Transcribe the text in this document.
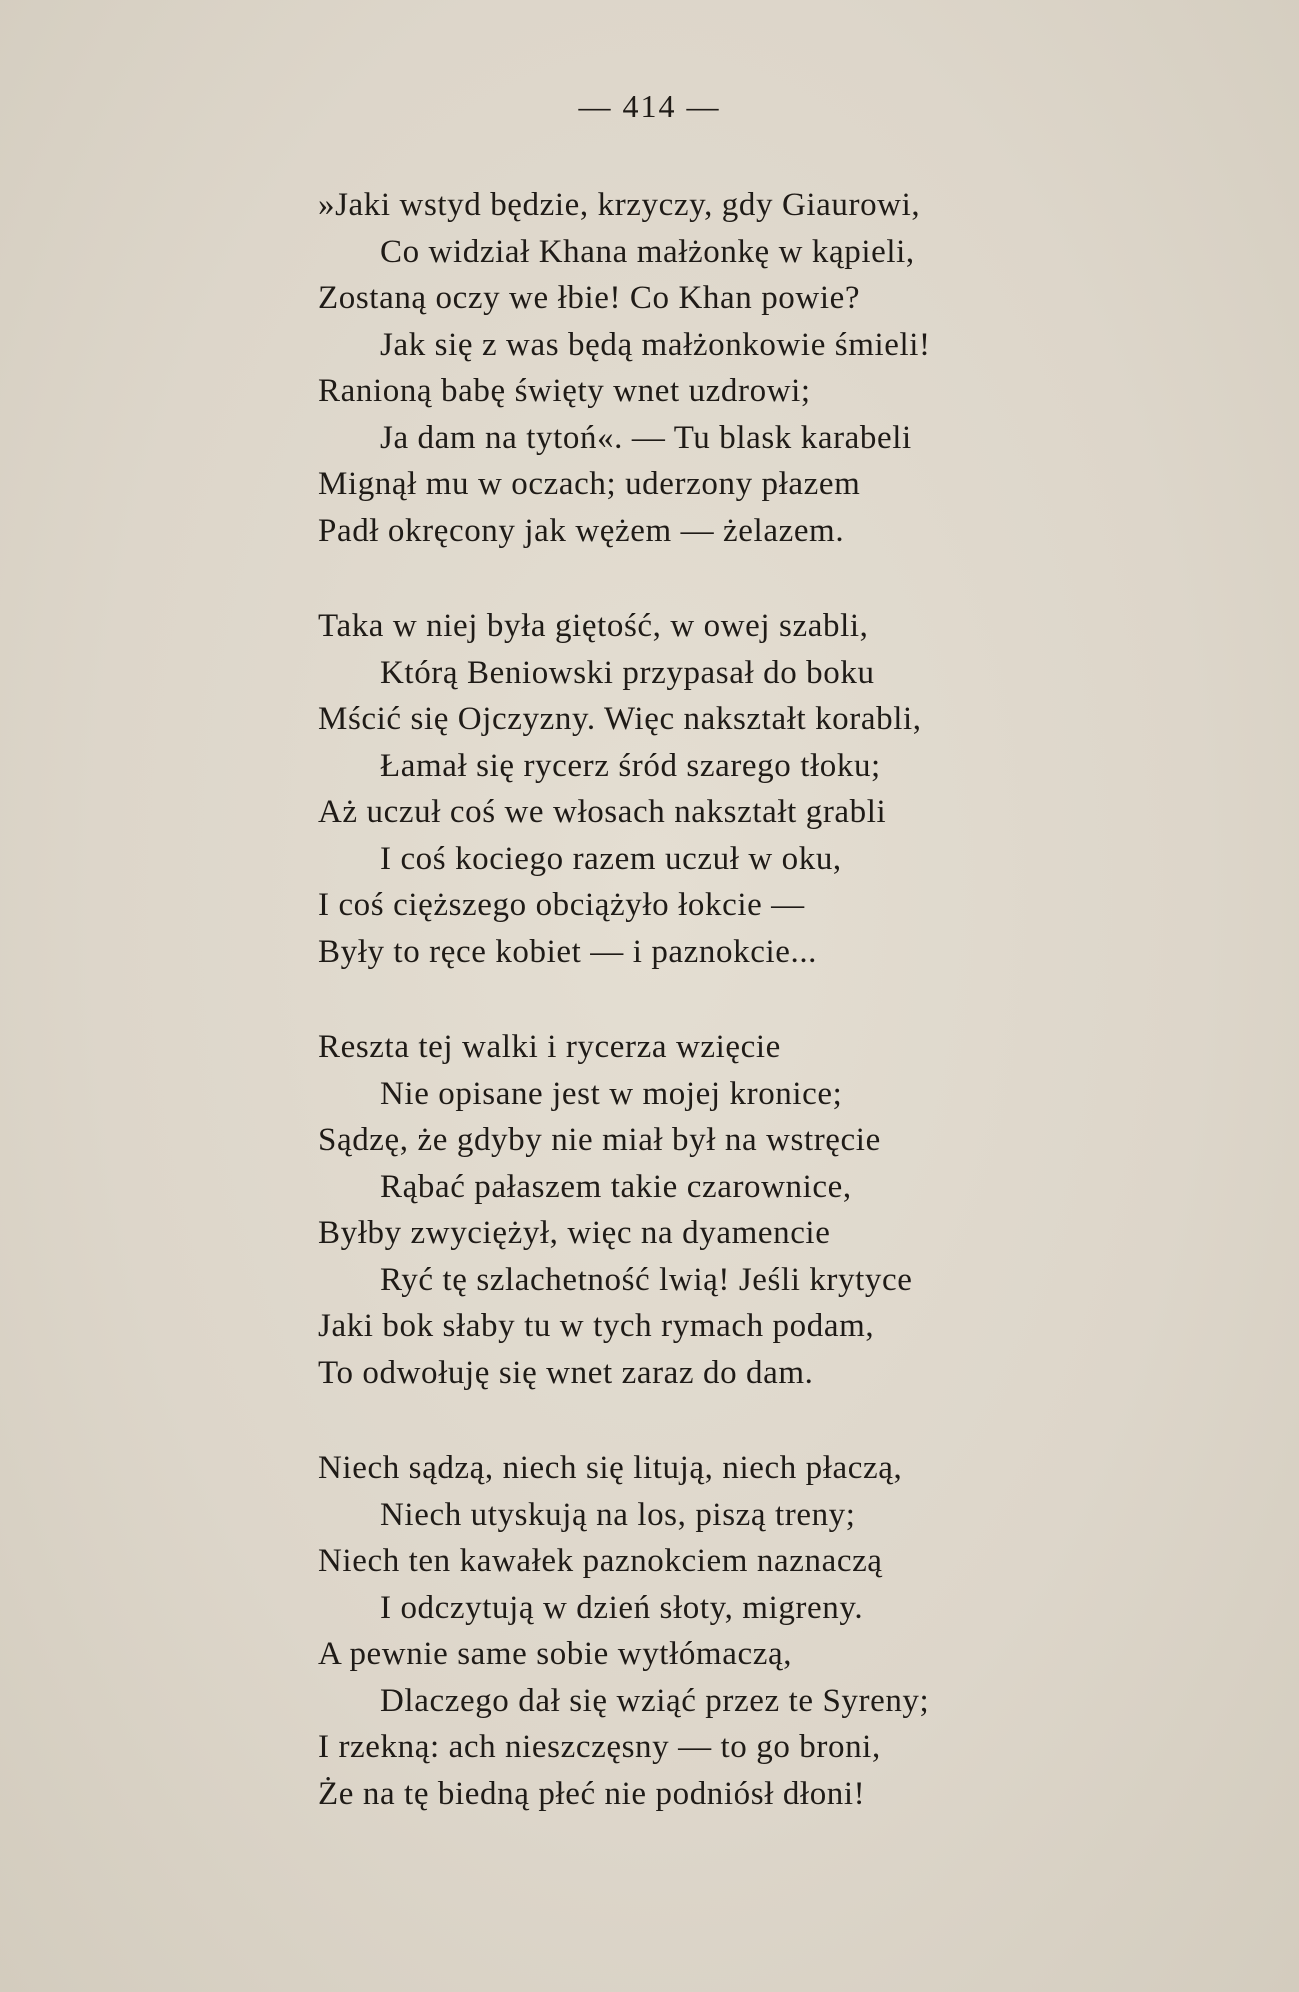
— 414 —
»Jaki wstyd będzie, krzyczy, gdy Giaurowi,
Co widział Khana małżonkę w kąpieli,
Zostaną oczy we łbie! Co Khan powie?
Jak się z was będą małżonkowie śmieli!
Ranioną babę święty wnet uzdrowi;
Ja dam na tytoń«. — Tu blask karabeli
Mignął mu w oczach; uderzony płazem
Padł okręcony jak wężem — żelazem.
Taka w niej była giętość, w owej szabli,
Którą Beniowski przypasał do boku
Mścić się Ojczyzny. Więc nakształt korabli,
Łamał się rycerz śród szarego tłoku;
Aż uczuł coś we włosach nakształt grabli
I coś kociego razem uczuł w oku,
I coś cięższego obciążyło łokcie —
Były to ręce kobiet — i paznokcie...
Reszta tej walki i rycerza wzięcie
Nie opisane jest w mojej kronice;
Sądzę, że gdyby nie miał był na wstręcie
Rąbać pałaszem takie czarownice,
Byłby zwyciężył, więc na dyamencie
Ryć tę szlachetność lwią! Jeśli krytyce
Jaki bok słaby tu w tych rymach podam,
To odwołuję się wnet zaraz do dam.
Niech sądzą, niech się litują, niech płaczą,
Niech utyskują na los, piszą treny;
Niech ten kawałek paznokciem naznaczą
I odczytują w dzień słoty, migreny.
A pewnie same sobie wytłómaczą,
Dlaczego dał się wziąć przez te Syreny;
I rzekną: ach nieszczęsny — to go broni,
Że na tę biedną płeć nie podniósł dłoni!
